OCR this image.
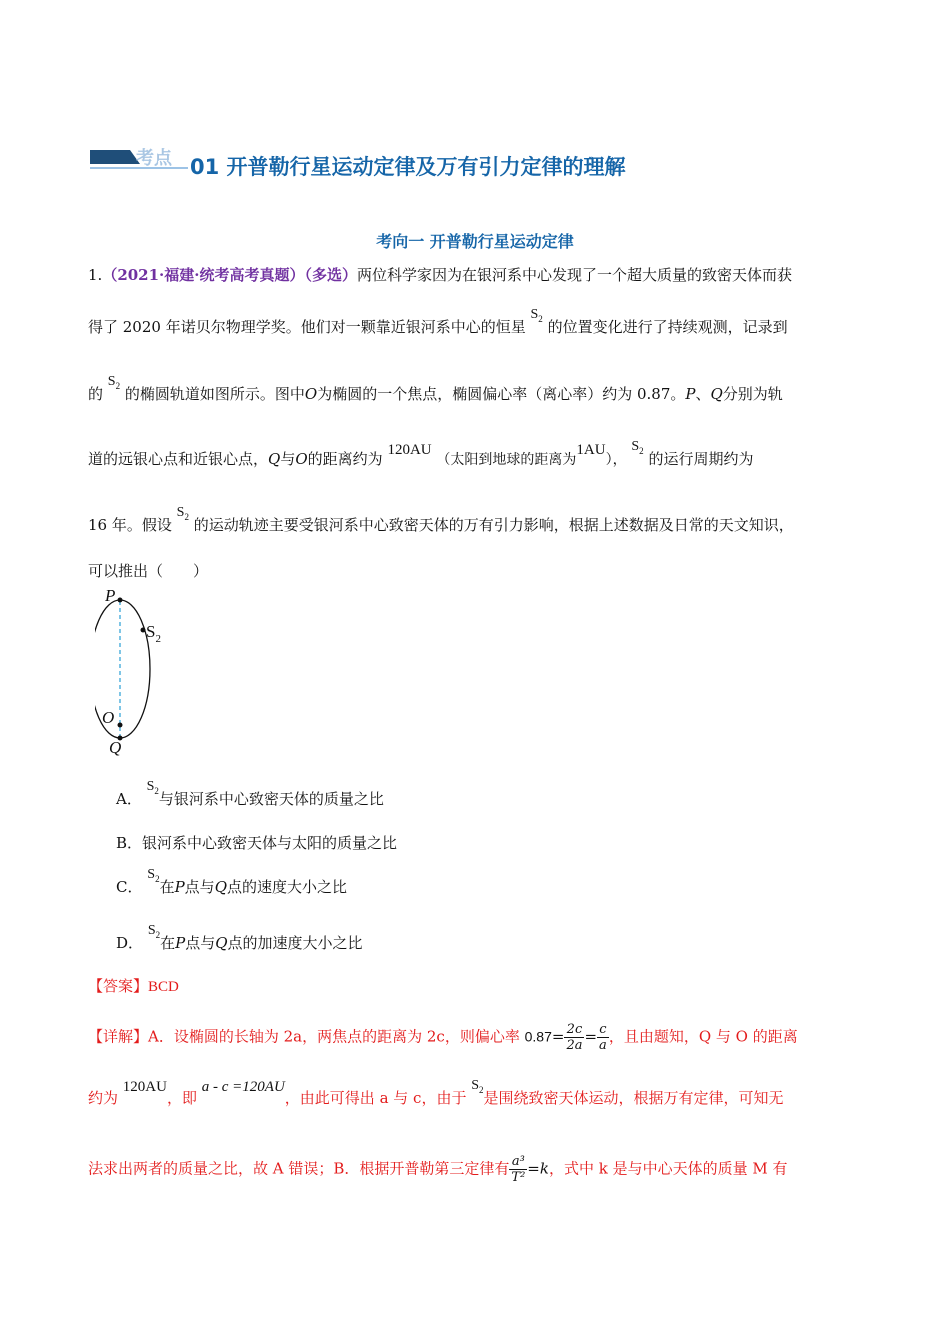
考点 01 开普勒行星运动定律及万有引力定律的理解
考向一 开普勒行星运动定律
1.（2021·福建·统考高考真题）（多选）两位科学家因为在银河系中心发现了一个超大质量的致密天体而获
得了 2020 年诺贝尔物理学奖。他们对一颗靠近银河系中心的恒星 $S_2$ 的位置变化进行了持续观测，记录到
的 $S_2$ 的椭圆轨道如图所示。图中O为椭圆的一个焦点，椭圆偏心率（离心率）约为 0.87。P、Q分别为轨
道的远银心点和近银心点，Q与O的距离约为 120AU （太阳到地球的距离为1AU）， $S_2$ 的运行周期约为
16 年。假设 $S_2$ 的运动轨迹主要受银河系中心致密天体的万有引力影响，根据上述数据及日常的天文知识，
可以推出（　　）
P
$S_2$
O
Q
A． $S_2$与银河系中心致密天体的质量之比
B．银河系中心致密天体与太阳的质量之比
C． $S_2$在P点与Q点的速度大小之比
D． $S_2$在P点与Q点的加速度大小之比
【答案】BCD
【详解】A．设椭圆的长轴为 2a，两焦点的距离为 2c，则偏心率 $0.87= \frac{2c}{2a} = \frac{c}{a}$ ，且由题知，Q 与 O 的距离
约为 120AU，即 a - c =120AU，由此可得出 a 与 c，由于 $S_2$是围绕致密天体运动，根据万有定律，可知无
法求出两者的质量之比，故 A 错误；B．根据开普勒第三定律有 $\frac{\text{a³}}{\text{T²}} =k$，式中 k 是与中心天体的质量 M 有
